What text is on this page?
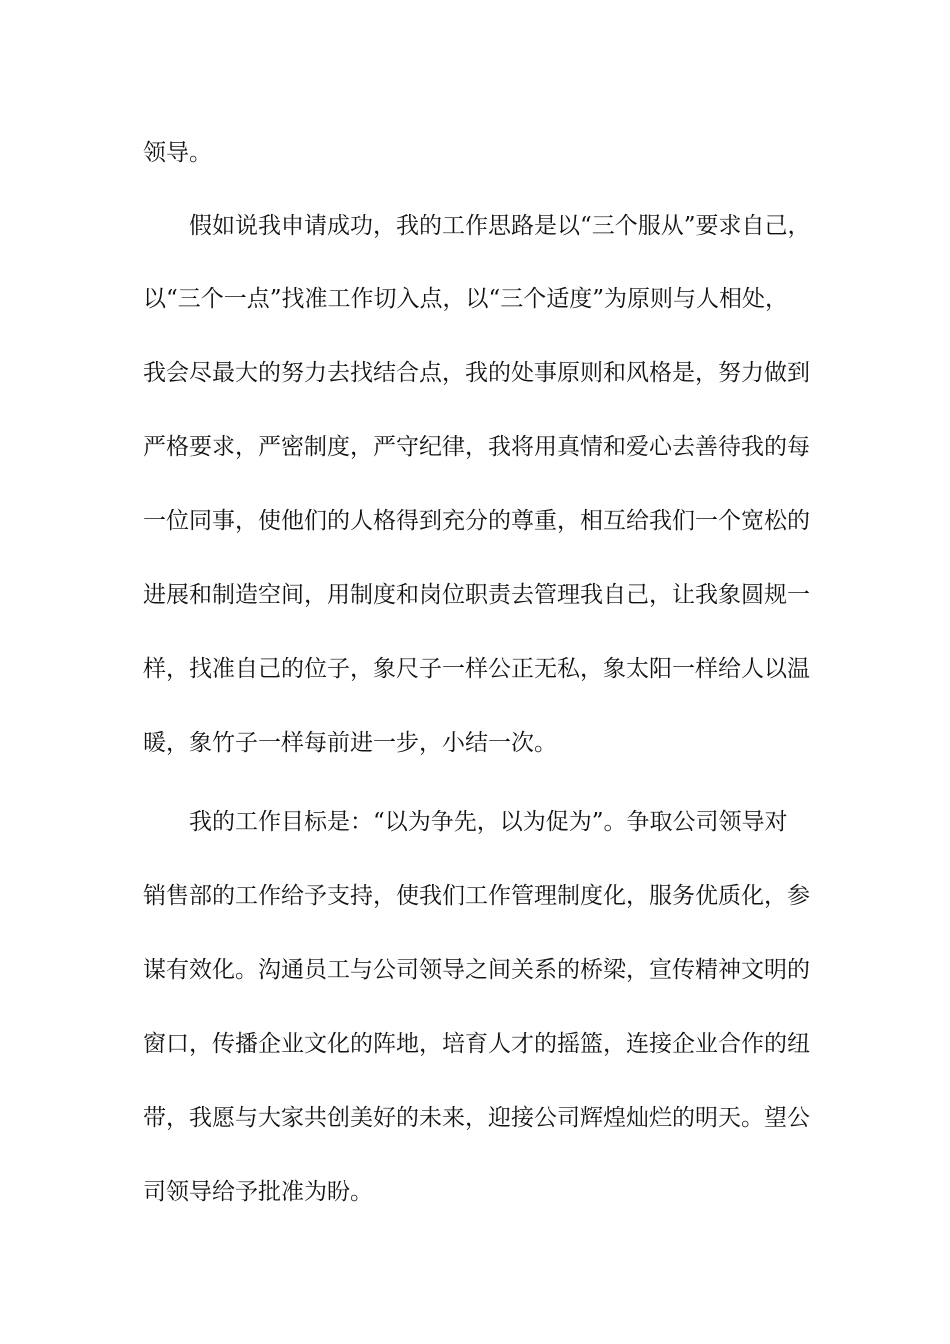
领导。
假如说我申请成功，我的工作思路是以“三个服从”要求自己，
以“三个一点”找准工作切入点，以“三个适度”为原则与人相处，
我会尽最大的努力去找结合点，我的处事原则和风格是，努力做到
严格要求，严密制度，严守纪律，我将用真情和爱心去善待我的每
一位同事，使他们的人格得到充分的尊重，相互给我们一个宽松的
进展和制造空间，用制度和岗位职责去管理我自己，让我象圆规一
样，找准自己的位子，象尺子一样公正无私，象太阳一样给人以温
暖，象竹子一样每前进一步，小结一次。
我的工作目标是：“以为争先，以为促为”。争取公司领导对
销售部的工作给予支持，使我们工作管理制度化，服务优质化，参
谋有效化。沟通员工与公司领导之间关系的桥梁，宣传精神文明的
窗口，传播企业文化的阵地，培育人才的摇篮，连接企业合作的纽
带，我愿与大家共创美好的未来，迎接公司辉煌灿烂的明天。望公
司领导给予批准为盼。
